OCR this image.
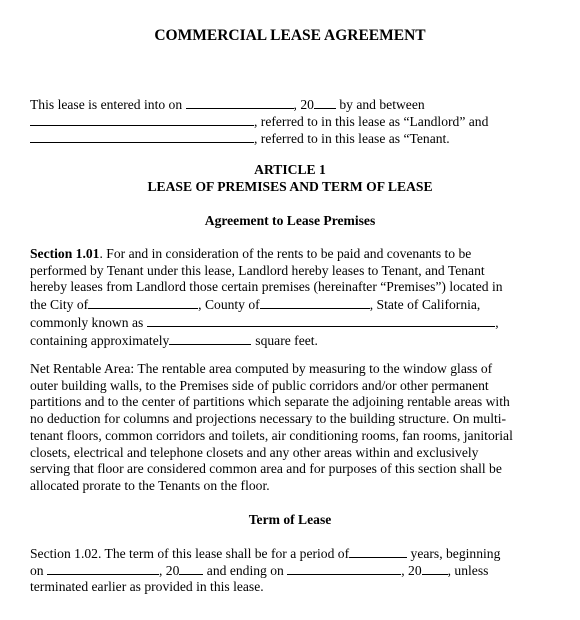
COMMERCIAL LEASE AGREEMENT
This lease is entered into on	, 20 by and between
, referred to in this lease as “Landlord” and
, referred to in this lease as “Tenant.
ARTICLE 1
LEASE OF PREMISES AND TERM OF LEASE
Agreement to Lease Premises
Section 1.01. For and in consideration of the rents to be paid and covenants to be
performed by Tenant under this lease, Landlord hereby leases to Tenant, and Tenant
hereby leases from Landlord those certain premises (hereinafter “Premises”) located in
the City of	, County of	, State of California,
commonly known as	,
containing approximately	square feet.
Net Rentable Area: The rentable area computed by measuring to the window glass of
outer building walls, to the Premises side of public corridors and/or other permanent
partitions and to the center of partitions which separate the adjoining rentable areas with
no deduction for columns and projections necessary to the building structure. On multi-
tenant floors, common corridors and toilets, air conditioning rooms, fan rooms, janitorial
closets, electrical and telephone closets and any other areas within and exclusively
serving that floor are considered common area and for purposes of this section shall be
allocated prorate to the Tenants on the floor.
Term of Lease
Section 1.02. The term of this lease shall be for a period of	years, beginning
on	, 20 and ending on	, 20 , unless
terminated earlier as provided in this lease.
